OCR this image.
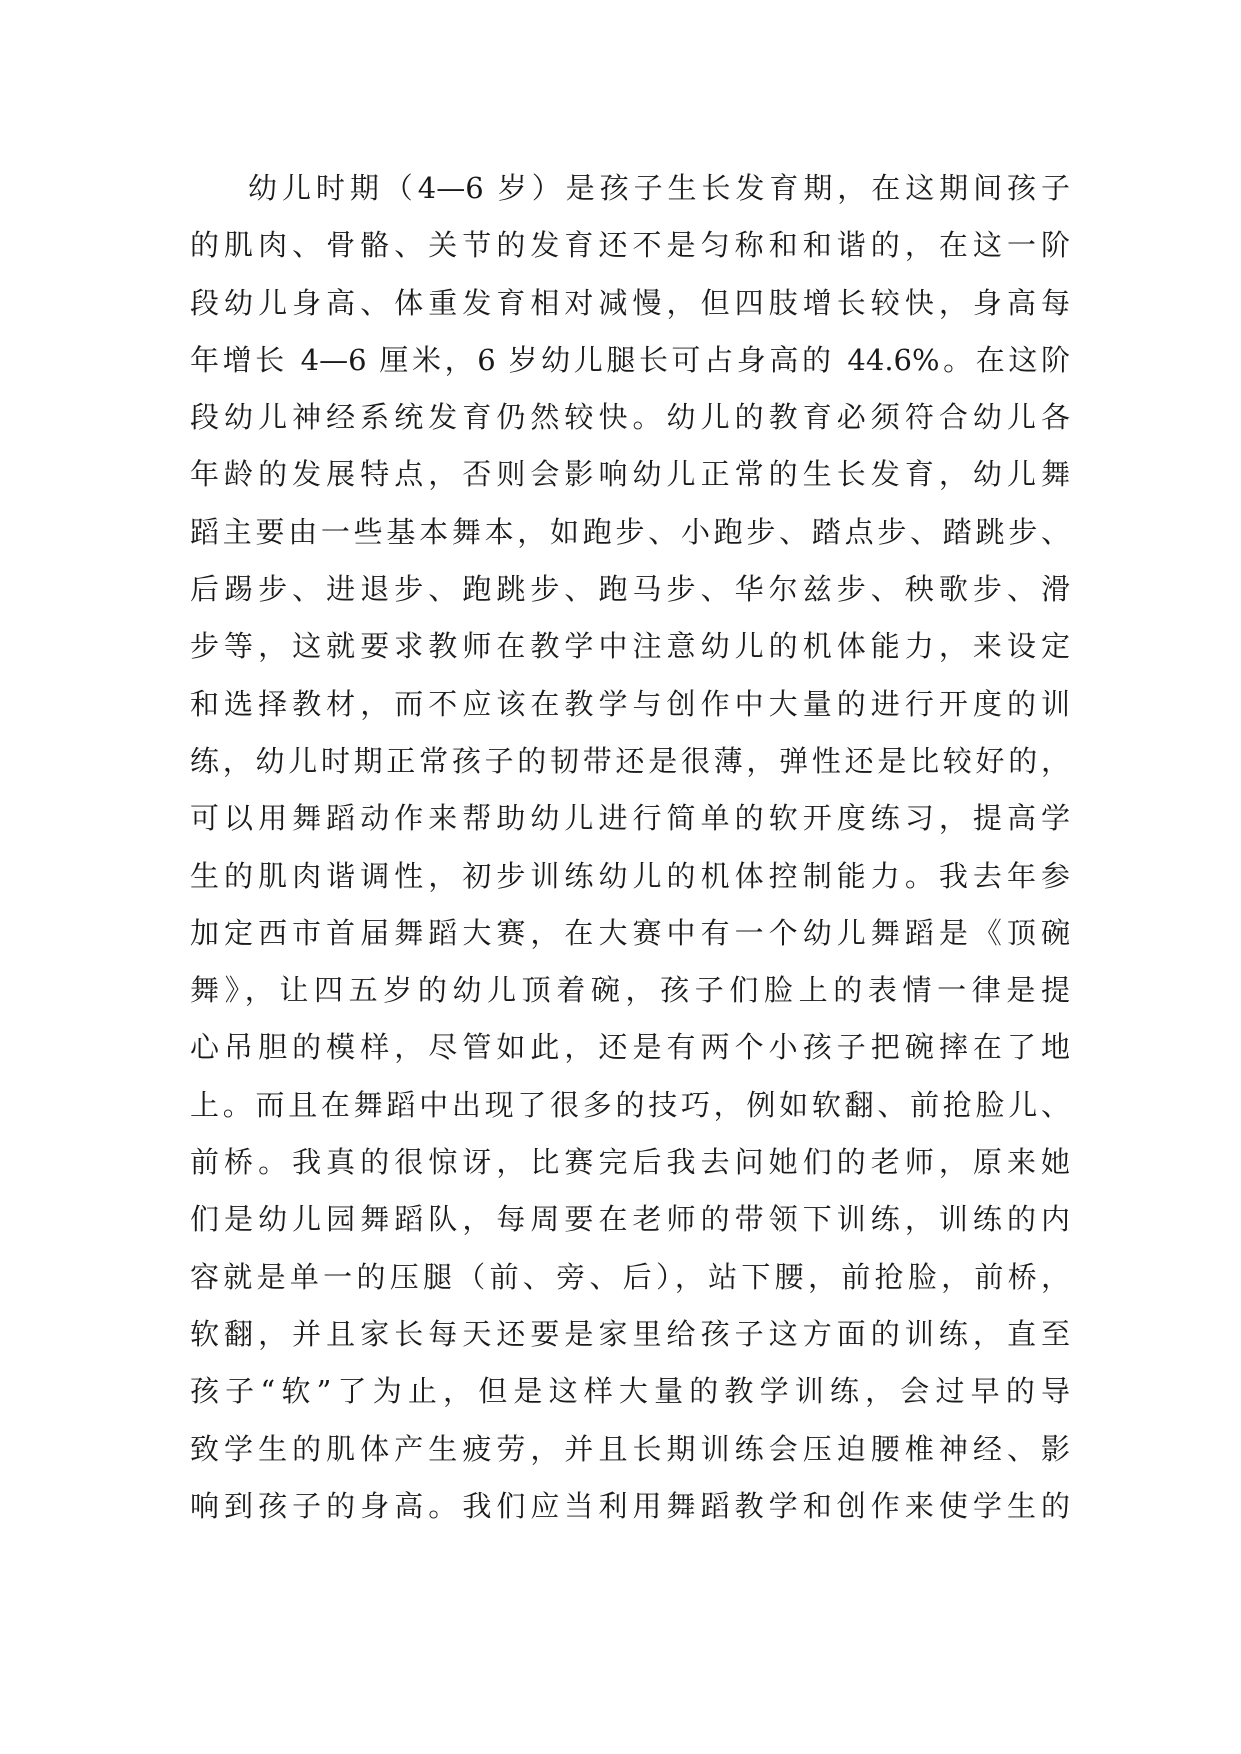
幼儿时期（4—6 岁）是孩子生长发育期，在这期间孩子
的肌肉、骨骼、关节的发育还不是匀称和和谐的，在这一阶
段幼儿身高、体重发育相对减慢，但四肢增长较快，身高每
年增长 4—6 厘米，6 岁幼儿腿长可占身高的 44.6%。在这阶
段幼儿神经系统发育仍然较快。幼儿的教育必须符合幼儿各
年龄的发展特点，否则会影响幼儿正常的生长发育，幼儿舞
蹈主要由一些基本舞本，如跑步、小跑步、踏点步、踏跳步、
后踢步、进退步、跑跳步、跑马步、华尔兹步、秧歌步、滑
步等，这就要求教师在教学中注意幼儿的机体能力，来设定
和选择教材，而不应该在教学与创作中大量的进行开度的训
练，幼儿时期正常孩子的韧带还是很薄，弹性还是比较好的，
可以用舞蹈动作来帮助幼儿进行简单的软开度练习，提高学
生的肌肉谐调性，初步训练幼儿的机体控制能力。我去年参
加定西市首届舞蹈大赛，在大赛中有一个幼儿舞蹈是《顶碗
舞》，让四五岁的幼儿顶着碗，孩子们脸上的表情一律是提
心吊胆的模样，尽管如此，还是有两个小孩子把碗摔在了地
上。而且在舞蹈中出现了很多的技巧，例如软翻、前抢脸儿、
前桥。我真的很惊讶，比赛完后我去问她们的老师，原来她
们是幼儿园舞蹈队，每周要在老师的带领下训练，训练的内
容就是单一的压腿（前、旁、后），站下腰，前抢脸，前桥，
软翻，并且家长每天还要是家里给孩子这方面的训练，直至
孩子“软”了为止，但是这样大量的教学训练，会过早的导
致学生的肌体产生疲劳，并且长期训练会压迫腰椎神经、影
响到孩子的身高。我们应当利用舞蹈教学和创作来使学生的
